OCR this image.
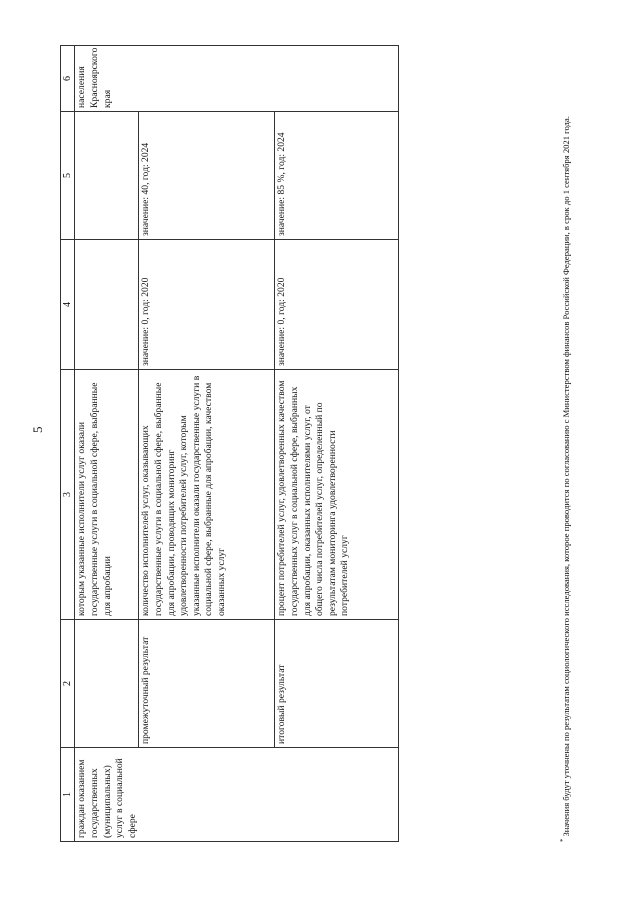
5
1	2	3	4	5	6
граждан оказанием государственных (муниципальных) услуг в социальной сфере		которым указанные исполнители услуг оказали государственные услуги в социальной сфере, выбранные для апробации			населения Красноярского края
	промежуточный результат	количество исполнителей услуг, оказывающих государственные услуги в социальной сфере, выбранные для апробации, проводящих мониторинг удовлетворенности потребителей услуг, которым указанные исполнители оказали государственные услуги в социальной сфере, выбранные для апробации, качеством оказанных услуг	значение: 0, год: 2020	значение: 40, год: 2024	
	итоговый результат	процент потребителей услуг, удовлетворенных качеством государственных услуг в социальной сфере, выбранных для апробации, оказанных исполнителями услуг, от общего числа потребителей услуг, определенный по результатам мониторинга удовлетворенности потребителей услуг	значение: 0, год: 2020	значение: 85 %, год: 2024	
*Значения будут уточнены по результатам социологического исследования, которое проводится по согласованию с Министерством финансов Российской Федерации, в срок до 1 сентября 2021 года.
